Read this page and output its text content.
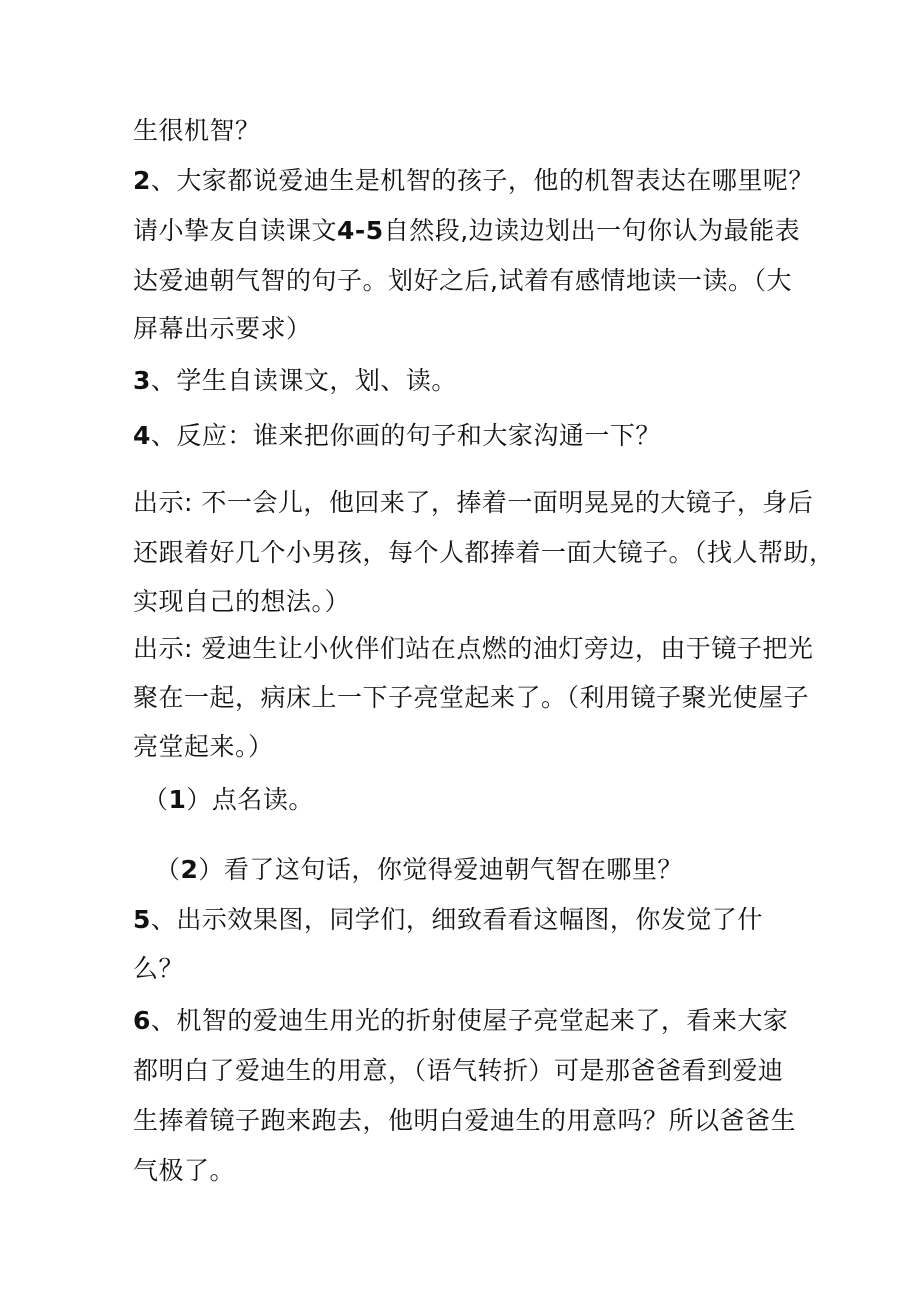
生很机智？
2、大家都说爱迪生是机智的孩子，他的机智表达在哪里呢？
请小挚友自读课文4-5自然段,边读边划出一句你认为最能表
达爱迪朝气智的句子。划好之后,试着有感情地读一读。（大
屏幕出示要求）
3、学生自读课文，划、读。
4、反应：谁来把你画的句子和大家沟通一下？
出示: 不一会儿，他回来了，捧着一面明晃晃的大镜子，身后
还跟着好几个小男孩，每个人都捧着一面大镜子。（找人帮助，
实现自己的想法。）
出示: 爱迪生让小伙伴们站在点燃的油灯旁边，由于镜子把光
聚在一起，病床上一下子亮堂起来了。（利用镜子聚光使屋子
亮堂起来。）
（1）点名读。
（2）看了这句话，你觉得爱迪朝气智在哪里？
5、出示效果图，同学们，细致看看这幅图，你发觉了什
么？
6、机智的爱迪生用光的折射使屋子亮堂起来了，看来大家
都明白了爱迪生的用意，（语气转折）可是那爸爸看到爱迪
生捧着镜子跑来跑去，他明白爱迪生的用意吗？所以爸爸生
气极了。
